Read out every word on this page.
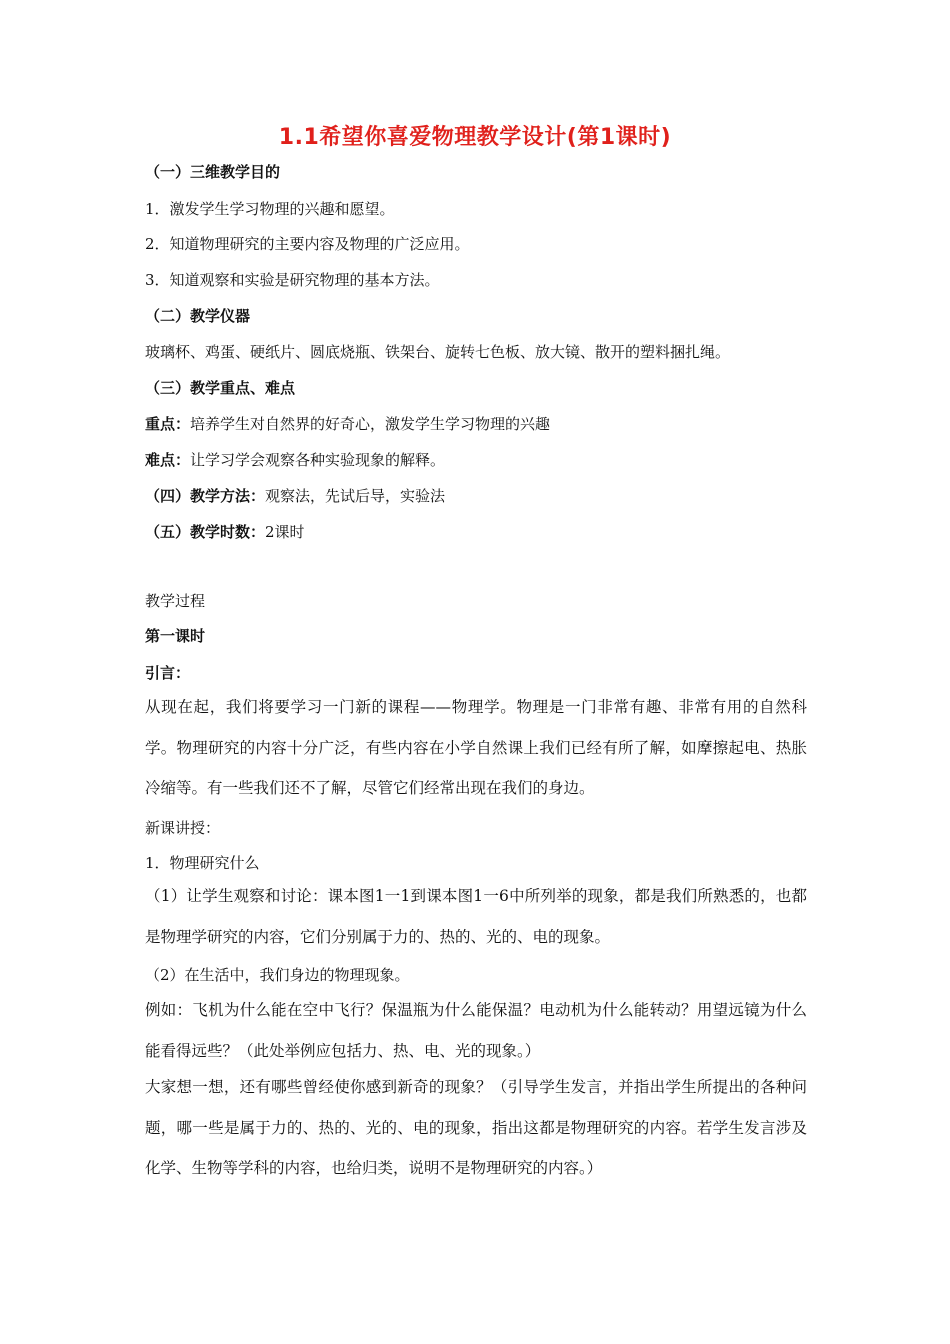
1.1希望你喜爱物理教学设计(第1课时)
（一）三维教学目的
1．激发学生学习物理的兴趣和愿望。
2．知道物理研究的主要内容及物理的广泛应用。
3．知道观察和实验是研究物理的基本方法。
（二）教学仪器
玻璃杯、鸡蛋、硬纸片、圆底烧瓶、铁架台、旋转七色板、放大镜、散开的塑料捆扎绳。
（三）教学重点、难点
重点：培养学生对自然界的好奇心，激发学生学习物理的兴趣
难点：让学习学会观察各种实验现象的解释。
（四）教学方法：观察法，先试后导，实验法
（五）教学时数：2课时
教学过程
第一课时
引言：
从现在起，我们将要学习一门新的课程——物理学。物理是一门非常有趣、非常有用的自然科学。物理研究的内容十分广泛，有些内容在小学自然课上我们已经有所了解，如摩擦起电、热胀冷缩等。有一些我们还不了解，尽管它们经常出现在我们的身边。
新课讲授：
1．物理研究什么
（1）让学生观察和讨论：课本图1一1到课本图1一6中所列举的现象，都是我们所熟悉的，也都是物理学研究的内容，它们分别属于力的、热的、光的、电的现象。
（2）在生活中，我们身边的物理现象。
例如：飞机为什么能在空中飞行？保温瓶为什么能保温？电动机为什么能转动？用望远镜为什么能看得远些？（此处举例应包括力、热、电、光的现象。）
大家想一想，还有哪些曾经使你感到新奇的现象？（引导学生发言，并指出学生所提出的各种问题，哪一些是属于力的、热的、光的、电的现象，指出这都是物理研究的内容。若学生发言涉及化学、生物等学科的内容，也给归类，说明不是物理研究的内容。）
